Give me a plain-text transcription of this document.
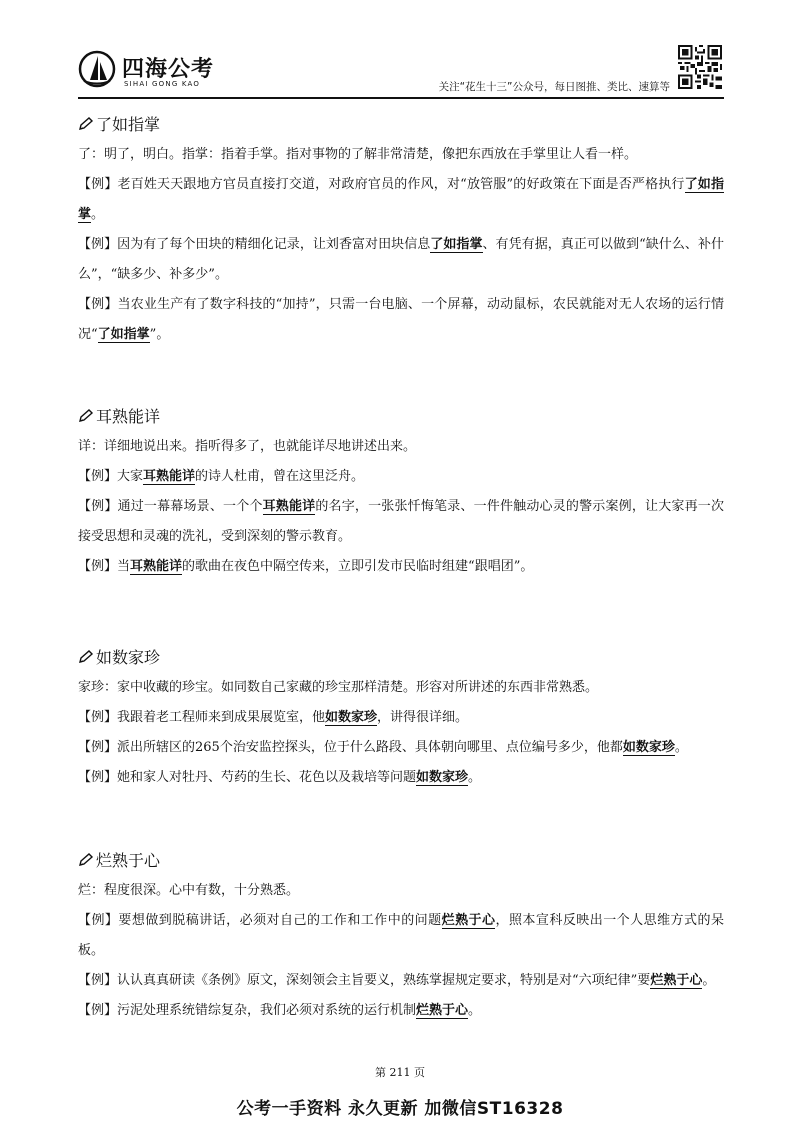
四海公考
SIHAI GONG KAO	关注“花生十三”公众号，每日图推、类比、速算等
了如指掌

了：明了，明白。指掌：指着手掌。指对事物的了解非常清楚，像把东西放在手掌里让人看一样。

【例】老百姓天天跟地方官员直接打交道，对政府官员的作风，对“放管服”的好政策在下面是否严格执行了如指掌。

【例】因为有了每个田块的精细化记录，让刘香富对田块信息了如指掌、有凭有据，真正可以做到“缺什么、补什么”，“缺多少、补多少”。

【例】当农业生产有了数字科技的“加持”，只需一台电脑、一个屏幕，动动鼠标，农民就能对无人农场的运行情况“了如指掌”。

耳熟能详

详：详细地说出来。指听得多了，也就能详尽地讲述出来。

【例】大家耳熟能详的诗人杜甫，曾在这里泛舟。

【例】通过一幕幕场景、一个个耳熟能详的名字，一张张忏悔笔录、一件件触动心灵的警示案例，让大家再一次接受思想和灵魂的洗礼，受到深刻的警示教育。

【例】当耳熟能详的歌曲在夜色中隔空传来，立即引发市民临时组建“跟唱团”。

如数家珍

家珍：家中收藏的珍宝。如同数自己家藏的珍宝那样清楚。形容对所讲述的东西非常熟悉。

【例】我跟着老工程师来到成果展览室，他如数家珍，讲得很详细。

【例】派出所辖区的265个治安监控探头，位于什么路段、具体朝向哪里、点位编号多少，他都如数家珍。

【例】她和家人对牡丹、芍药的生长、花色以及栽培等问题如数家珍。

烂熟于心

烂：程度很深。心中有数，十分熟悉。

【例】要想做到脱稿讲话，必须对自己的工作和工作中的问题烂熟于心，照本宣科反映出一个人思维方式的呆板。

【例】认认真真研读《条例》原文，深刻领会主旨要义，熟练掌握规定要求，特别是对“六项纪律”要烂熟于心。

【例】污泥处理系统错综复杂，我们必须对系统的运行机制烂熟于心。

第 211 页
公考一手资料 永久更新 加微信ST16328
